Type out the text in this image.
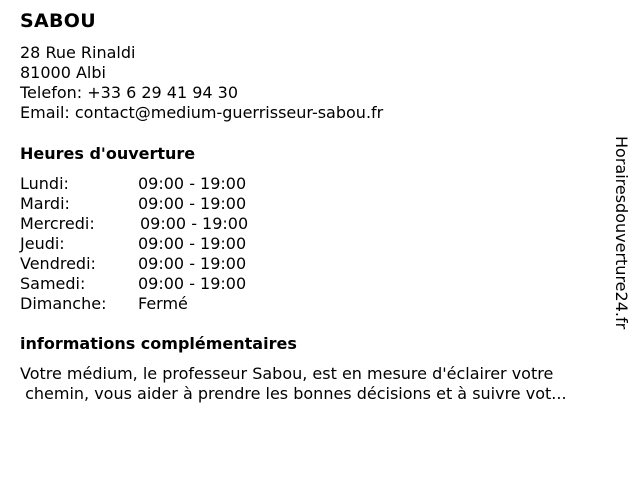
SABOU
28 Rue Rinaldi
81000 Albi
Telefon: +33 6 29 41 94 30
Email: contact@medium-guerrisseur-sabou.fr
Heures d'ouverture
Lundi:	09:00 - 19:00
Mardi:	09:00 - 19:00
Mercredi:	09:00 - 19:00
Jeudi:	09:00 - 19:00
Vendredi:	09:00 - 19:00
Samedi:	09:00 - 19:00
Dimanche: Fermé
informations complémentaires
Votre médium, le professeur Sabou, est en mesure d'éclairer votre
chemin, vous aider à prendre les bonnes décisions et à suivre vot...
Horairesdouverture24.fr
